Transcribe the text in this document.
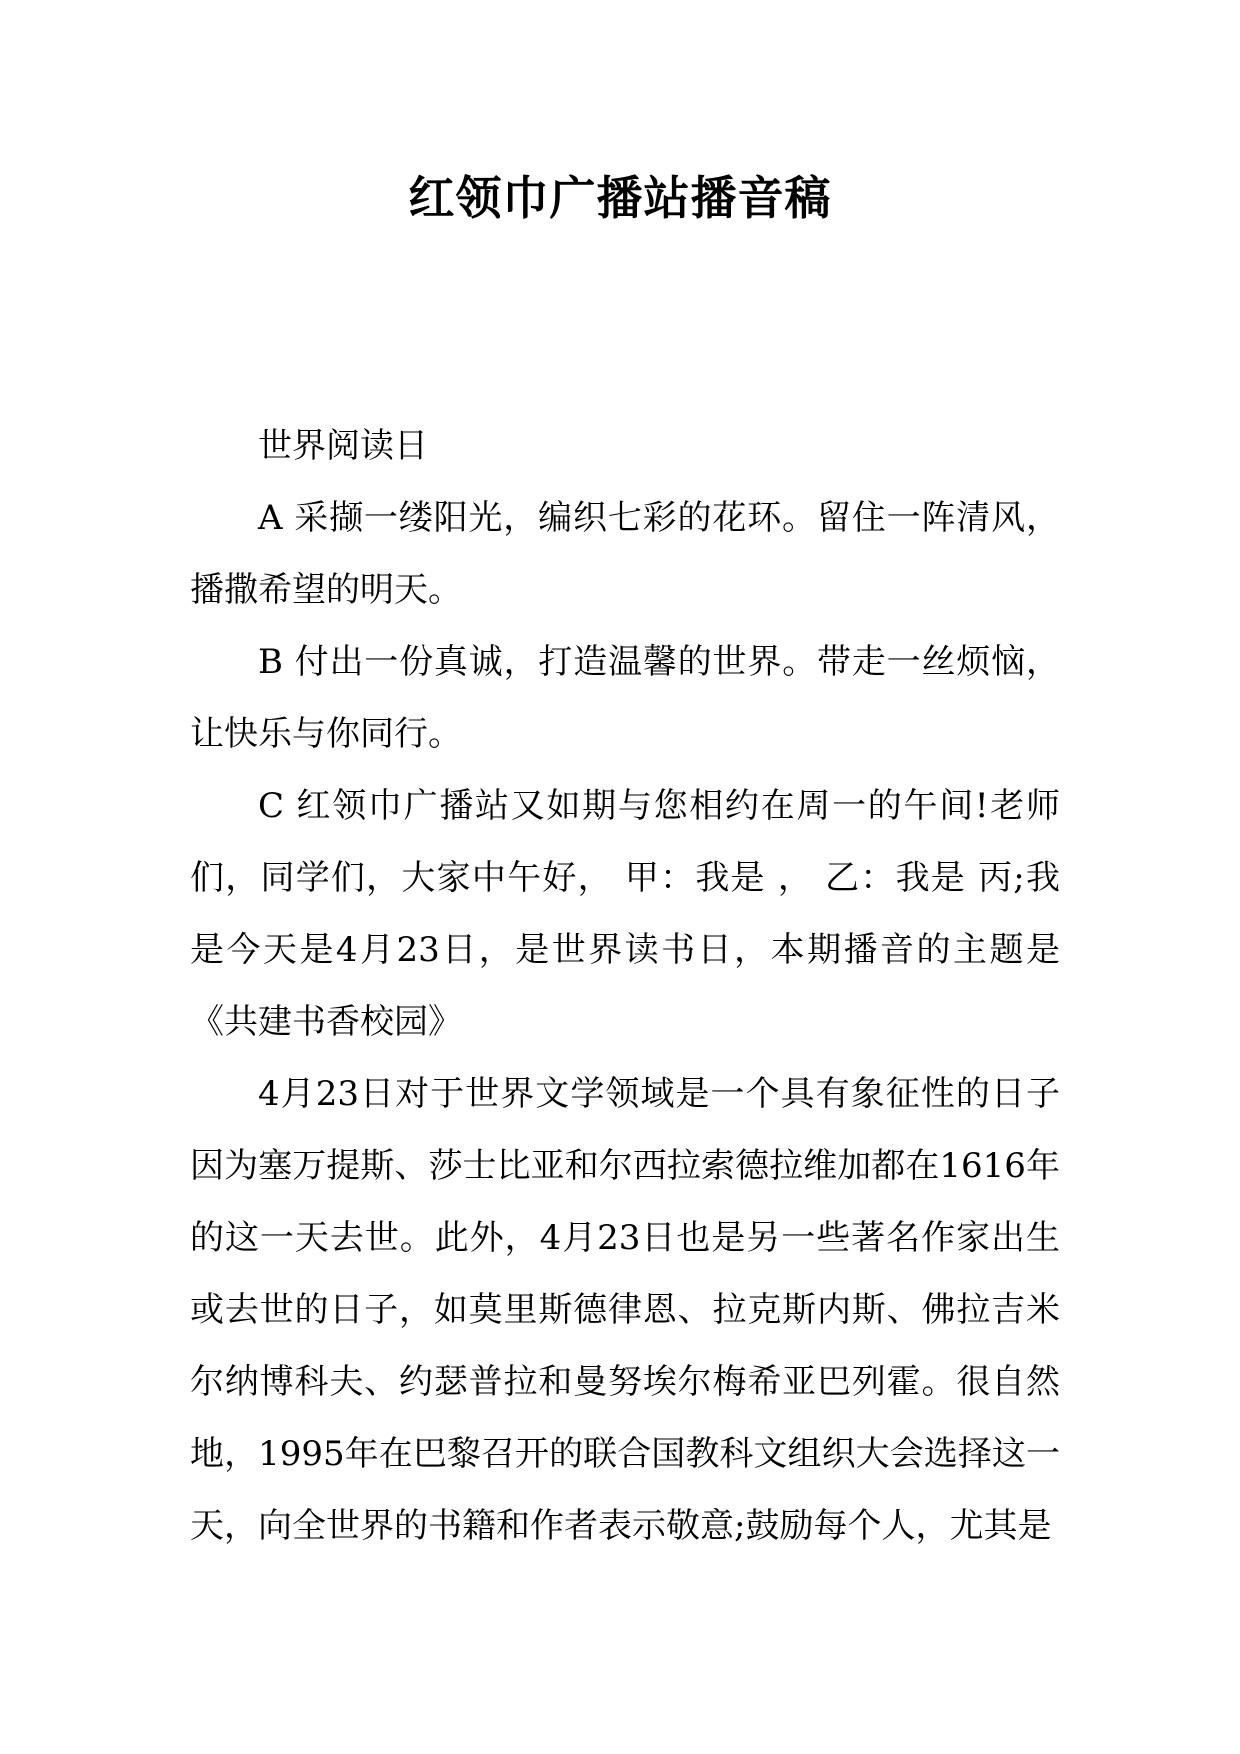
红领巾广播站播音稿

世界阅读日

A 采撷一缕阳光，编织七彩的花环。留住一阵清风，播撒希望的明天。

B 付出一份真诚，打造温馨的世界。带走一丝烦恼，让快乐与你同行。

C 红领巾广播站又如期与您相约在周一的午间!老师们，同学们，大家中午好， 甲：我是 ， 乙：我是 丙;我是今天是4月23日，是世界读书日，本期播音的主题是《共建书香校园》

4月23日对于世界文学领域是一个具有象征性的日子因为塞万提斯、莎士比亚和尔西拉索德拉维加都在1616年的这一天去世。此外，4月23日也是另一些著名作家出生或去世的日子，如莫里斯德律恩、拉克斯内斯、佛拉吉米尔纳博科夫、约瑟普拉和曼努埃尔梅希亚巴列霍。很自然地，1995年在巴黎召开的联合国教科文组织大会选择这一天，向全世界的书籍和作者表示敬意;鼓励每个人，尤其是
